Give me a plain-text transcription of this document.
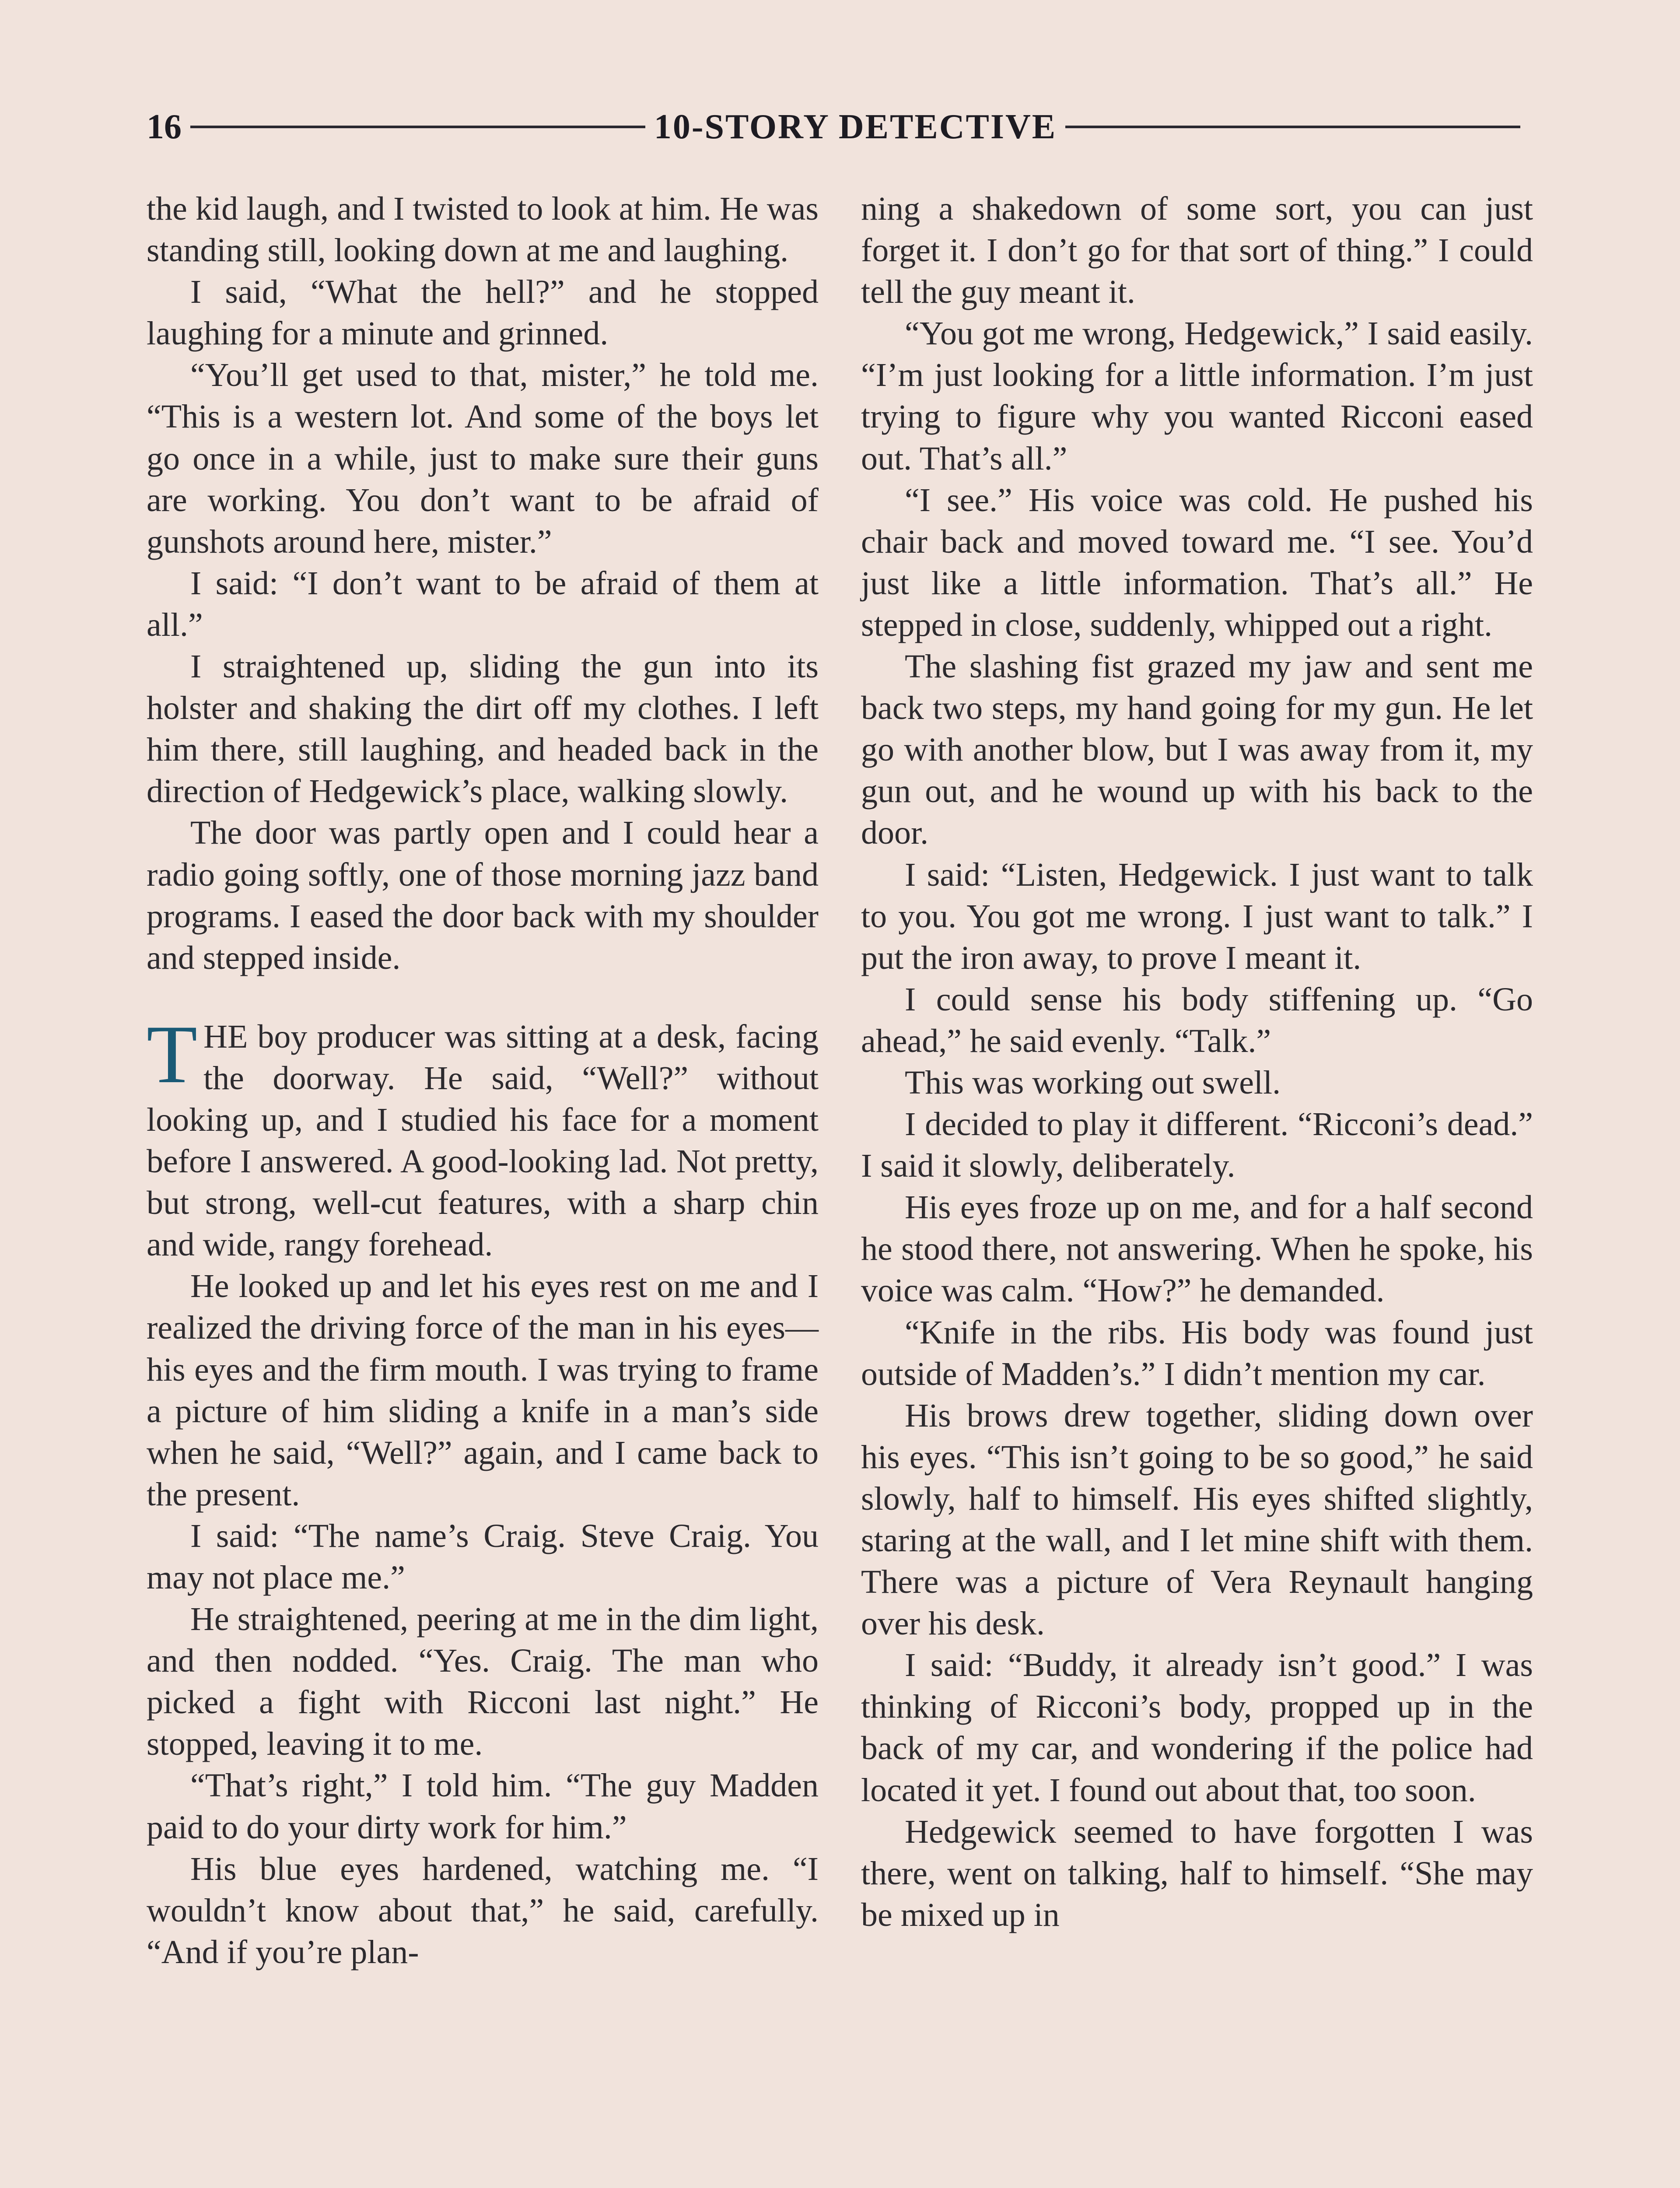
16	10-STORY DETECTIVE

the kid laugh, and I twisted to look at him. He was standing still, looking down at me and laughing.

I said, “What the hell?” and he stopped laughing for a minute and grinned.

“You’ll get used to that, mister,” he told me. “This is a western lot. And some of the boys let go once in a while, just to make sure their guns are working. You don’t want to be afraid of gunshots around here, mister.”

I said: “I don’t want to be afraid of them at all.”

I straightened up, sliding the gun into its holster and shaking the dirt off my clothes. I left him there, still laughing, and headed back in the direction of Hedgewick’s place, walking slowly.

The door was partly open and I could hear a radio going softly, one of those morning jazz band programs. I eased the door back with my shoulder and stepped inside.

THE boy producer was sitting at a desk, facing the doorway. He said, “Well?” without looking up, and I studied his face for a moment before I answered. A good-looking lad. Not pretty, but strong, well-cut features, with a sharp chin and wide, rangy forehead.

He looked up and let his eyes rest on me and I realized the driving force of the man in his eyes—his eyes and the firm mouth. I was trying to frame a picture of him sliding a knife in a man’s side when he said, “Well?” again, and I came back to the present.

I said: “The name’s Craig. Steve Craig. You may not place me.”

He straightened, peering at me in the dim light, and then nodded. “Yes. Craig. The man who picked a fight with Ricconi last night.” He stopped, leaving it to me.

“That’s right,” I told him. “The guy Madden paid to do your dirty work for him.”

His blue eyes hardened, watching me. “I wouldn’t know about that,” he said, carefully. “And if you’re plan-

ning a shakedown of some sort, you can just forget it. I don’t go for that sort of thing.” I could tell the guy meant it.

“You got me wrong, Hedgewick,” I said easily. “I’m just looking for a little information. I’m just trying to figure why you wanted Ricconi eased out. That’s all.”

“I see.” His voice was cold. He pushed his chair back and moved toward me. “I see. You’d just like a little information. That’s all.” He stepped in close, suddenly, whipped out a right.

The slashing fist grazed my jaw and sent me back two steps, my hand going for my gun. He let go with another blow, but I was away from it, my gun out, and he wound up with his back to the door.

I said: “Listen, Hedgewick. I just want to talk to you. You got me wrong. I just want to talk.” I put the iron away, to prove I meant it.

I could sense his body stiffening up. “Go ahead,” he said evenly. “Talk.”

This was working out swell.

I decided to play it different. “Ricconi’s dead.” I said it slowly, deliberately.

His eyes froze up on me, and for a half second he stood there, not answering. When he spoke, his voice was calm. “How?” he demanded.

“Knife in the ribs. His body was found just outside of Madden’s.” I didn’t mention my car.

His brows drew together, sliding down over his eyes. “This isn’t going to be so good,” he said slowly, half to himself. His eyes shifted slightly, staring at the wall, and I let mine shift with them. There was a picture of Vera Reynault hanging over his desk.

I said: “Buddy, it already isn’t good.” I was thinking of Ricconi’s body, propped up in the back of my car, and wondering if the police had located it yet. I found out about that, too soon.

Hedgewick seemed to have forgotten I was there, went on talking, half to himself. “She may be mixed up in
